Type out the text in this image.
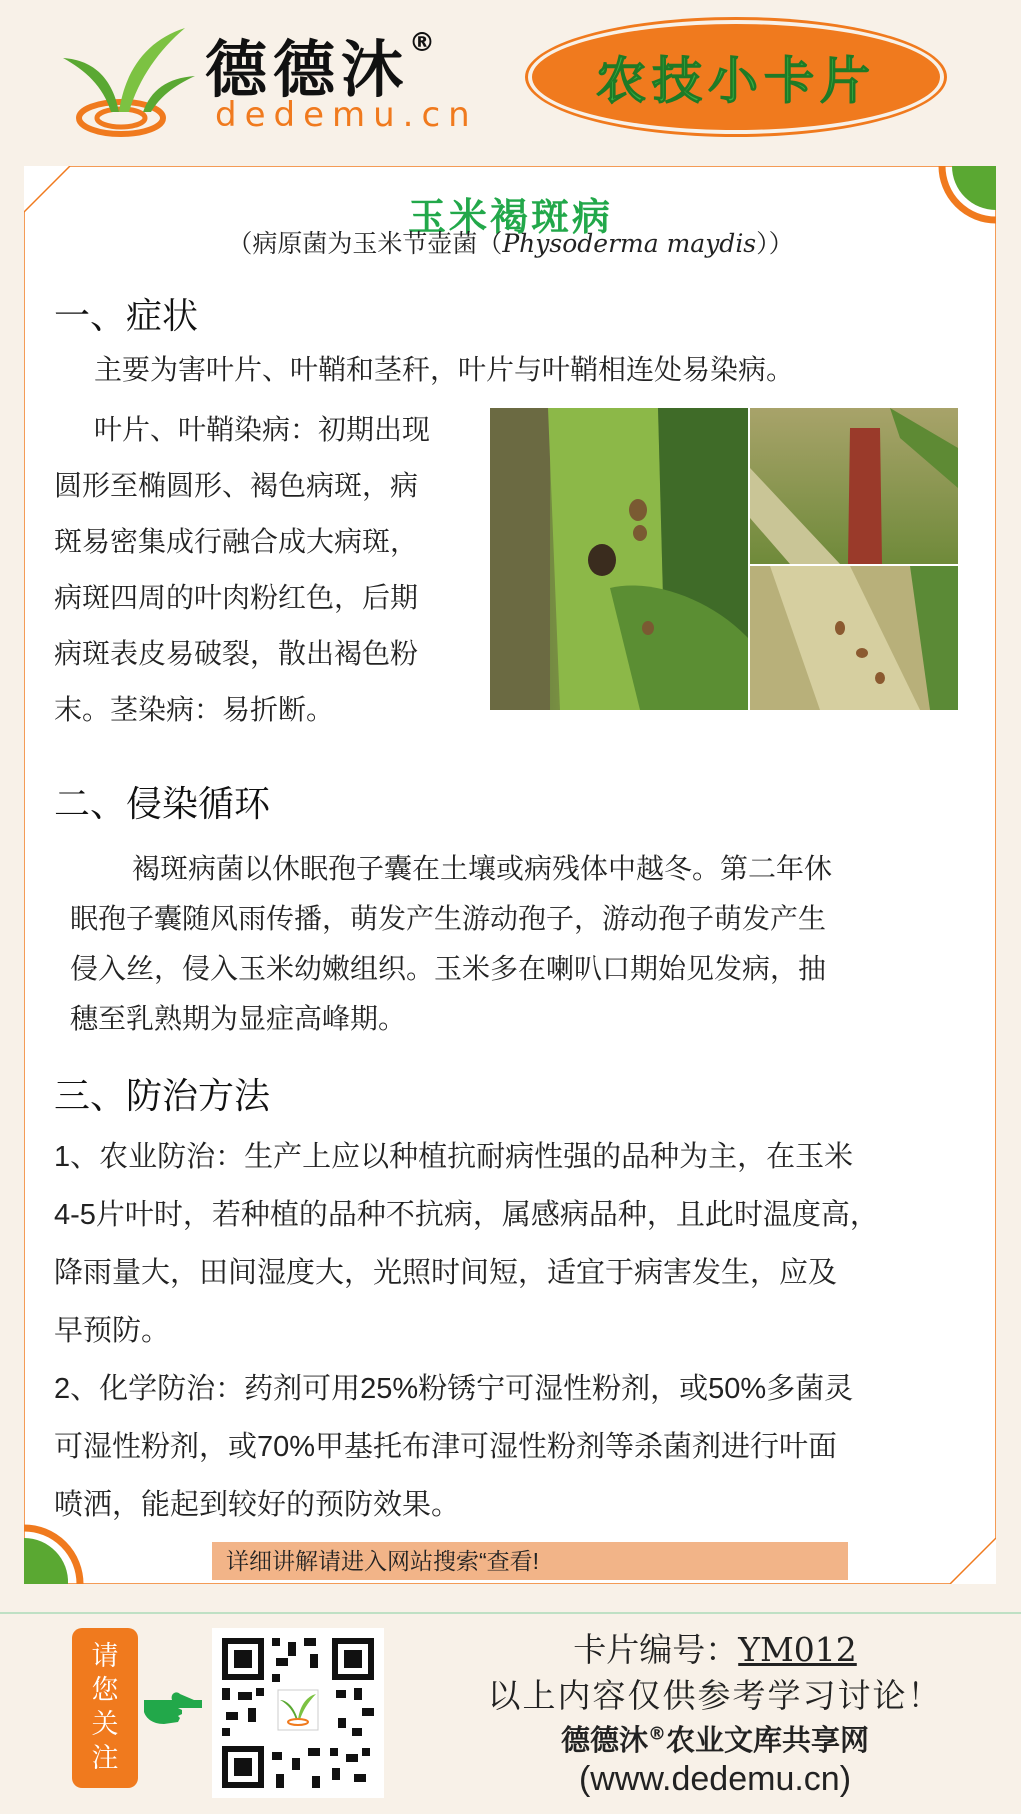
德德沐®
dedemu.cn
农技小卡片
玉米褐斑病
（病原菌为玉米节壶菌（Physoderma maydis））
一、症状
主要为害叶片、叶鞘和茎秆，叶片与叶鞘相连处易染病。
叶片、叶鞘染病：初期出现
圆形至椭圆形、褐色病斑，病
斑易密集成行融合成大病斑，
病斑四周的叶肉粉红色，后期
病斑表皮易破裂，散出褐色粉
末。茎染病：易折断。
二、侵染循环
褐斑病菌以休眠孢子囊在土壤或病残体中越冬。第二年休
眠孢子囊随风雨传播，萌发产生游动孢子，游动孢子萌发产生
侵入丝，侵入玉米幼嫩组织。玉米多在喇叭口期始见发病，抽
穗至乳熟期为显症高峰期。
三、防治方法
1、农业防治：生产上应以种植抗耐病性强的品种为主，在玉米
4-5片叶时，若种植的品种不抗病，属感病品种，且此时温度高，
降雨量大，田间湿度大，光照时间短，适宜于病害发生，应及
早预防。
2、化学防治：药剂可用25%粉锈宁可湿性粉剂，或50%多菌灵
可湿性粉剂，或70%甲基托布津可湿性粉剂等杀菌剂进行叶面
喷洒，能起到较好的预防效果。
详细讲解请进入网站搜索“查看!
请
您
关
注
卡片编号：YM012
以上内容仅供参考学习讨论！
德德沐®农业文库共享网
(www.dedemu.cn)
